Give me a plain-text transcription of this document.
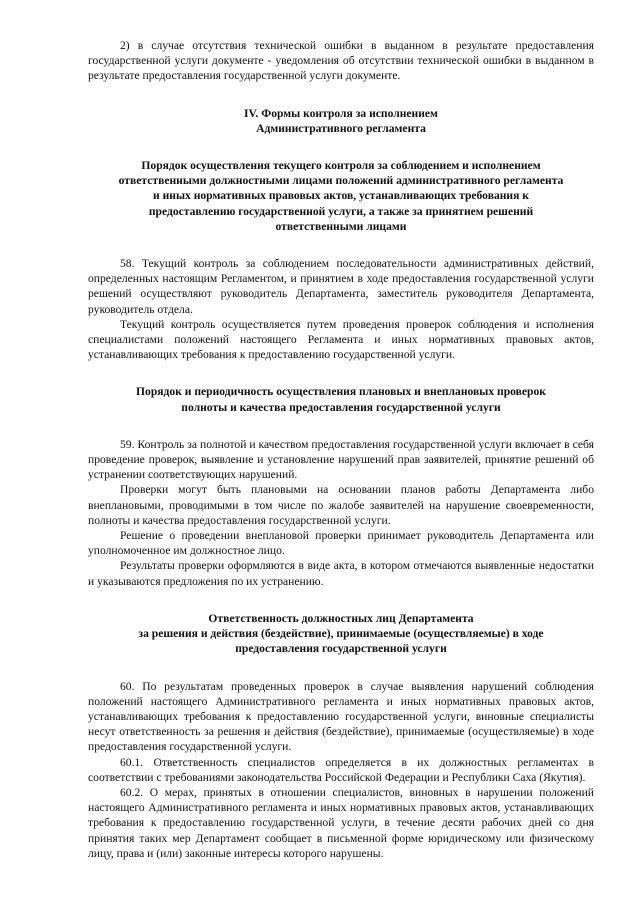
2) в случае отсутствия технической ошибки в выданном в результате предоставления государственной услуги документе - уведомления об отсутствии технической ошибки в выданном в результате предоставления государственной услуги документе.

IV. Формы контроля за исполнением
Административного регламента
Порядок осуществления текущего контроля за соблюдением и исполнением ответственными должностными лицами положений административного регламента и иных нормативных правовых актов, устанавливающих требования к предоставлению государственной услуги, а также за принятием решений ответственными лицами

58. Текущий контроль за соблюдением последовательности административных действий, определенных настоящим Регламентом, и принятием в ходе предоставления государственной услуги решений осуществляют руководитель Департамента, заместитель руководителя Департамента, руководитель отдела.

Текущий контроль осуществляется путем проведения проверок соблюдения и исполнения специалистами положений настоящего Регламента и иных нормативных правовых актов, устанавливающих требования к предоставлению государственной услуги.

Порядок и периодичность осуществления плановых и внеплановых проверок полноты и качества предоставления государственной услуги

59. Контроль за полнотой и качеством предоставления государственной услуги включает в себя проведение проверок, выявление и установление нарушений прав заявителей, принятие решений об устранении соответствующих нарушений.

Проверки могут быть плановыми на основании планов работы Департамента либо внеплановыми, проводимыми в том числе по жалобе заявителей на нарушение своевременности, полноты и качества предоставления государственной услуги.

Решение о проведении внеплановой проверки принимает руководитель Департамента или уполномоченное им должностное лицо.

Результаты проверки оформляются в виде акта, в котором отмечаются выявленные недостатки и указываются предложения по их устранению.

Ответственность должностных лиц Департамента
за решения и действия (бездействие), принимаемые (осуществляемые) в ходе предоставления государственной услуги

60. По результатам проведенных проверок в случае выявления нарушений соблюдения положений настоящего Административного регламента и иных нормативных правовых актов, устанавливающих требования к предоставлению государственной услуги, виновные специалисты несут ответственность за решения и действия (бездействие), принимаемые (осуществляемые) в ходе предоставления государственной услуги.

60.1. Ответственность специалистов определяется в их должностных регламентах в соответствии с требованиями законодательства Российской Федерации и Республики Саха (Якутия).

60.2. О мерах, принятых в отношении специалистов, виновных в нарушении положений настоящего Административного регламента и иных нормативных правовых актов, устанавливающих требования к предоставлению государственной услуги, в течение десяти рабочих дней со дня принятия таких мер Департамент сообщает в письменной форме юридическому или физическому лицу, права и (или) законные интересы которого нарушены.
